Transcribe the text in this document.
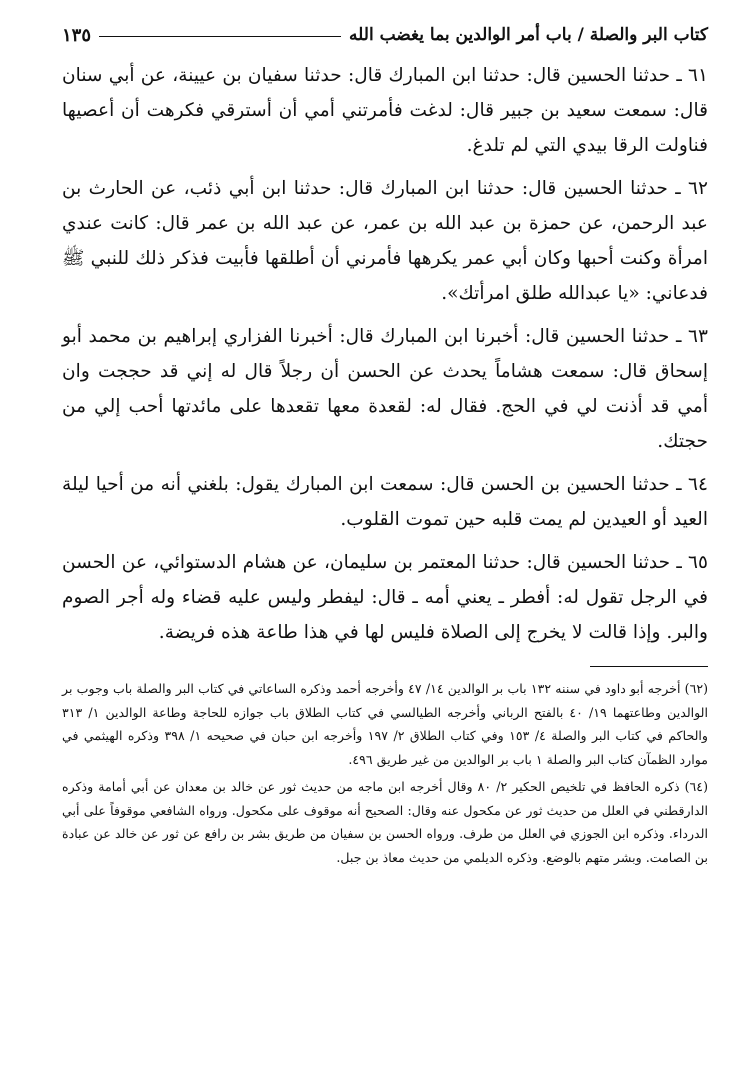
كتاب البر والصلة / باب أمر الوالدين بما يغضب الله
١٣٥

٦١ ـ حدثنا الحسين قال: حدثنا ابن المبارك قال: حدثنا سفيان بن عيينة، عن أبي سنان قال: سمعت سعيد بن جبير قال: لدغت فأمرتني أمي أن أسترقي فكرهت أن أعصيها فناولت الرقا بيدي التي لم تلدغ.

٦٢ ـ حدثنا الحسين قال: حدثنا ابن المبارك قال: حدثنا ابن أبي ذئب، عن الحارث بن عبد الرحمن، عن حمزة بن عبد الله بن عمر، عن عبد الله بن عمر قال: كانت عندي امرأة وكنت أحبها وكان أبي عمر يكرهها فأمرني أن أطلقها فأبيت فذكر ذلك للنبي ﷺ فدعاني: «يا عبدالله طلق امرأتك».

٦٣ ـ حدثنا الحسين قال: أخبرنا ابن المبارك قال: أخبرنا الفزاري إبراهيم بن محمد أبو إسحاق قال: سمعت هشاماً يحدث عن الحسن أن رجلاً قال له إني قد حججت وان أمي قد أذنت لي في الحج. فقال له: لقعدة معها تقعدها على مائدتها أحب إلي من حجتك.

٦٤ ـ حدثنا الحسين بن الحسن قال: سمعت ابن المبارك يقول: بلغني أنه من أحيا ليلة العيد أو العيدين لم يمت قلبه حين تموت القلوب.

٦٥ ـ حدثنا الحسين قال: حدثنا المعتمر بن سليمان، عن هشام الدستوائي، عن الحسن في الرجل تقول له: أفطر ـ يعني أمه ـ قال: ليفطر وليس عليه قضاء وله أجر الصوم والبر. وإذا قالت لا يخرج إلى الصلاة فليس لها في هذا طاعة هذه فريضة.

(٦٢) أخرجه أبو داود في سننه ١٣٢ باب بر الوالدين ١٤/ ٤٧ وأخرجه أحمد وذكره الساعاتي في كتاب البر والصلة باب وجوب بر الوالدين وطاعتهما ١٩/ ٤٠ بالفتح الرباني وأخرجه الطيالسي في كتاب الطلاق باب جوازه للحاجة وطاعة الوالدين ١/ ٣١٣ والحاكم في كتاب البر والصلة ٤/ ١٥٣ وفي كتاب الطلاق ٢/ ١٩٧ وأخرجه ابن حبان في صحيحه ١/ ٣٩٨ وذكره الهيثمي في موارد الظمآن كتاب البر والصلة ١ باب بر الوالدين من غير طريق ٤٩٦.

(٦٤) ذكره الحافظ في تلخيص الحكير ٢/ ٨٠ وقال أخرجه ابن ماجه من حديث ثور عن خالد بن معدان عن أبي أمامة وذكره الدارقطني في العلل من حديث ثور عن مكحول عنه وقال: الصحيح أنه موقوف على مكحول. ورواه الشافعي موقوفاً على أبي الدرداء. وذكره ابن الجوزي في العلل من طرف. ورواه الحسن بن سفيان من طريق بشر بن رافع عن ثور عن خالد عن عبادة بن الصامت. وبشر متهم بالوضع. وذكره الديلمي من حديث معاذ بن جبل.
